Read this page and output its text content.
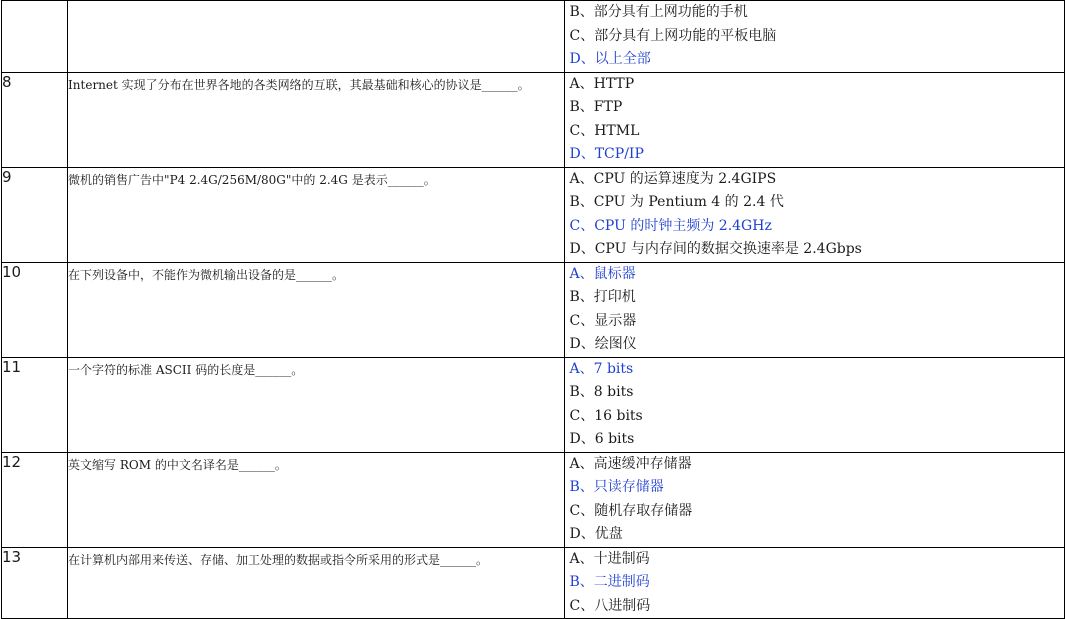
		B、部分具有上网功能的手机
C、部分具有上网功能的平板电脑
D、以上全部

8	Internet 实现了分布在世界各地的各类网络的互联，其最基础和核心的协议是______。	A、HTTP
B、FTP
C、HTML
D、TCP/IP

9	微机的销售广告中"P4 2.4G/256M/80G"中的 2.4G 是表示______。	A、CPU 的运算速度为 2.4GIPS
B、CPU 为 Pentium 4 的 2.4 代
C、CPU 的时钟主频为 2.4GHz
D、CPU 与内存间的数据交换速率是 2.4Gbps

10	在下列设备中，不能作为微机输出设备的是______。	A、鼠标器
B、打印机
C、显示器
D、绘图仪

11	一个字符的标准 ASCII 码的长度是______。	A、7 bits
B、8 bits
C、16 bits
D、6 bits

12	英文缩写 ROM 的中文名译名是______。	A、高速缓冲存储器
B、只读存储器
C、随机存取存储器
D、优盘

13	在计算机内部用来传送、存储、加工处理的数据或指令所采用的形式是______。	A、十进制码
B、二进制码
C、八进制码
